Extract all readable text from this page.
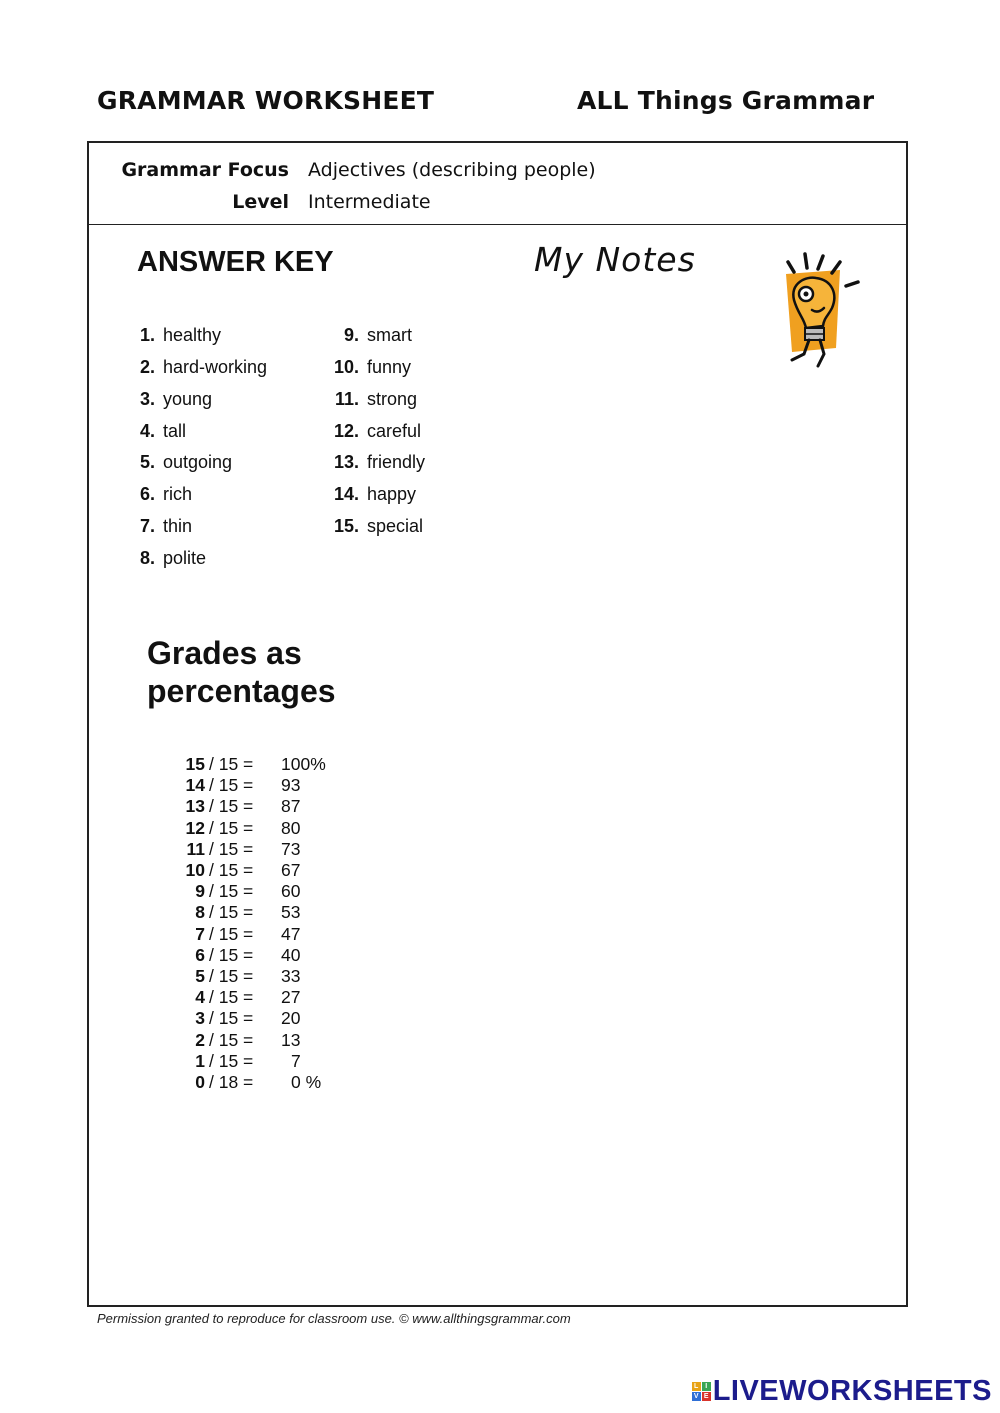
GRAMMAR WORKSHEET	ALL Things Grammar
Grammar Focus Adjectives (describing people)
Level Intermediate
ANSWER KEY
1. healthy
2. hard-working
3. young
4. tall
5. outgoing
6. rich
7. thin
8. polite
9. smart
10. funny
11. strong
12. careful
13. friendly
14. happy
15. special
My Notes
Grades as percentages
15 / 15 =	100%
14 / 15 =	93
13 / 15 =	87
12 / 15 =	80
11 / 15 =	73
10 / 15 =	67
9 / 15 =	60
8 / 15 =	53
7 / 15 =	47
6 / 15 =	40
5 / 15 =	33
4 / 15 =	27
3 / 15 =	20
2 / 15 =	13
1 / 15 =	7
0 / 18 =	0 %
Permission granted to reproduce for classroom use. © www.allthingsgrammar.com
L I
V E LIVEWORKSHEETS
